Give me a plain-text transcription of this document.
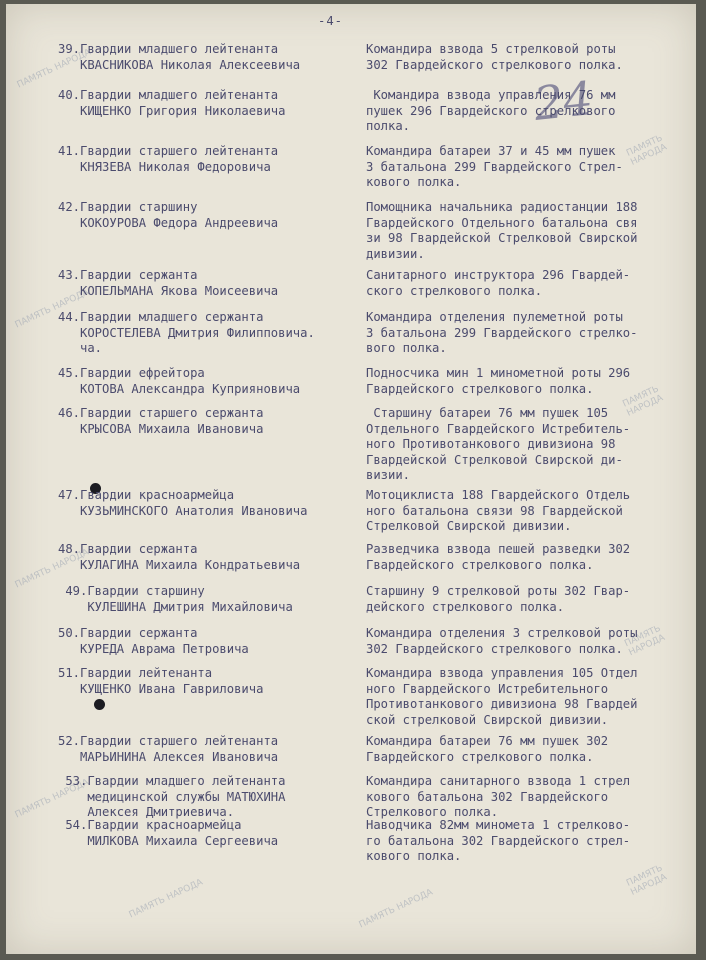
-4-
24
ПАМЯТЬ НАРОДА
ПАМЯТЬ НАРОДА
ПАМЯТЬ НАРОДА
ПАМЯТЬ НАРОДА
ПАМЯТЬ НАРОДА
ПАМЯТЬ НАРОДА
ПАМЯТЬ НАРОДА
ПАМЯТЬ НАРОДА
ПАМЯТЬ НАРОДА
ПАМЯТЬ НАРОДА
39.Гвардии младшего лейтенанта
КВАСНИКОВА Николая Алексеевича
Командира взвода 5 стрелковой роты
302 Гвардейского стрелкового полка.
40.Гвардии младшего лейтенанта
КИЩЕНКО Григория Николаевича
Командира взвода управления 76 мм
пушек 296 Гвардейского стрелкового
полка.
41.Гвардии старшего лейтенанта
КНЯЗЕВА Николая Федоровича
Командира батареи 37 и 45 мм пушек
3 батальона 299 Гвардейского Стрел-
кового полка.
42.Гвардии старшину
КОКОУРОВА Федора Андреевича
Помощника начальника радиостанции 188
Гвардейского Отдельного батальона свя
зи 98 Гвардейской Стрелковой Свирской
дивизии.
43.Гвардии сержанта
КОПЕЛЬМАНА Якова Моисеевича
Санитарного инструктора 296 Гвардей-
ского стрелкового полка.
44.Гвардии младшего сержанта
КОРОСТЕЛЕВА Дмитрия Филипповича.
ча.
Командира отделения пулеметной роты
3 батальона 299 Гвардейского стрелко-
вого полка.
45.Гвардии ефрейтора
КОТОВА Александра Куприяновича
Подносчика мин 1 минометной роты 296
Гвардейского стрелкового полка.
46.Гвардии старшего сержанта
КРЫСОВА Михаила Ивановича
Старшину батареи 76 мм пушек 105
Отдельного Гвардейского Истребитель-
ного Противотанкового дивизиона 98
Гвардейской Стрелковой Свирской ди-
визии.
47.Гвардии красноармейца
КУЗЬМИНСКОГО Анатолия Ивановича
Мотоциклиста 188 Гвардейского Отдель
ного батальона связи 98 Гвардейской
Стрелковой Свирской дивизии.
48.Гвардии сержанта
КУЛАГИНА Михаила Кондратьевича
Разведчика взвода пешей разведки 302
Гвардейского стрелкового полка.
49.Гвардии старшину
КУЛЕШИНА Дмитрия Михайловича
Старшину 9 стрелковой роты 302 Гвар-
дейского стрелкового полка.
50.Гвардии сержанта
КУРЕДА Аврама Петровича
Командира отделения 3 стрелковой роты
302 Гвардейского стрелкового полка.
51.Гвардии лейтенанта
КУЩЕНКО Ивана Гавриловича
Командира взвода управления 105 Отдел
ного Гвардейского Истребительного
Противотанкового дивизиона 98 Гвардей
ской стрелковой Свирской дивизии.
52.Гвардии старшего лейтенанта
МАРЬИНИНА Алексея Ивановича
Командира батареи 76 мм пушек 302
Гвардейского стрелкового полка.
53.Гвардии младшего лейтенанта
медицинской службы МАТЮХИНА
Алексея Дмитриевича.
Командира санитарного взвода 1 стрел
кового батальона 302 Гвардейского
Стрелкового полка.
54.Гвардии красноармейца
МИЛКОВА Михаила Сергеевича
Наводчика 82мм миномета 1 стрелково-
го батальона 302 Гвардейского стрел-
кового полка.
